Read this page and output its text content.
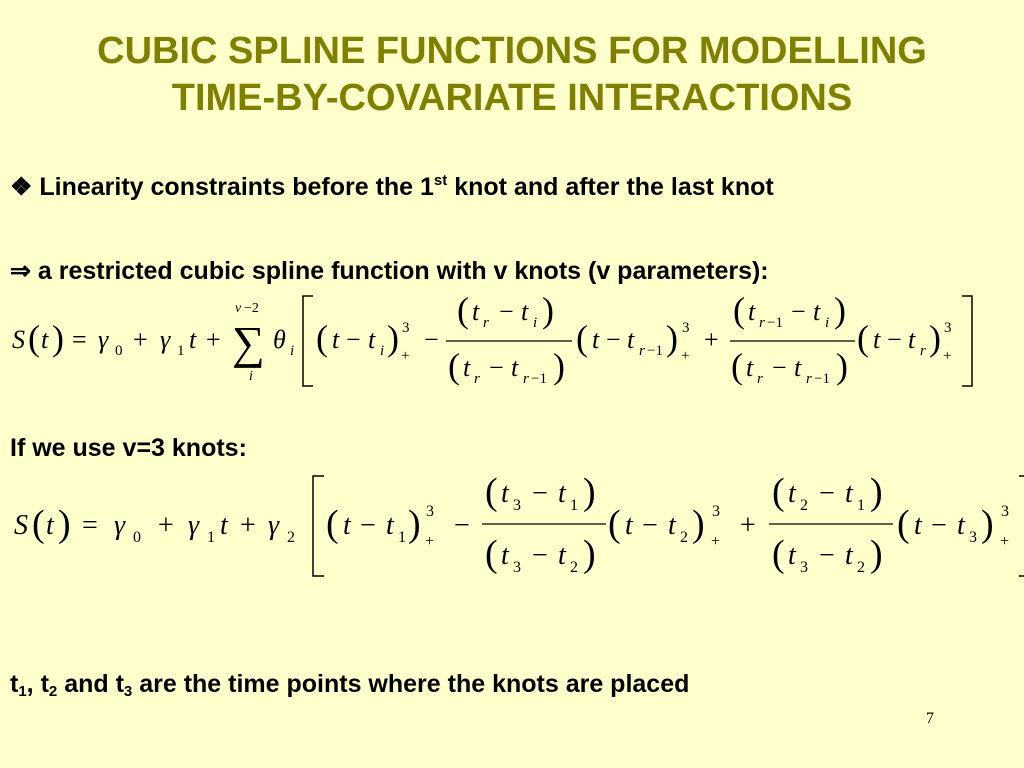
CUBIC SPLINE FUNCTIONS FOR MODELLING
TIME-BY-COVARIATE INTERACTIONS
❖ Linearity constraints before the 1st knot and after the last knot
⇒ a restricted cubic spline function with v knots (v parameters):
S ( t ) = γ 0 + γ 1 t +
v −2
∑
i
θ i ( t − t i ) 3
+
−
( t r − t i )
( t r − t r −1 )
( t − t r −1 ) 3
+
+
( t r −1 − t i )
( t r − t r −1 )
( t − t r ) 3
+
If we use v=3 knots:
S ( t ) = γ 0 + γ 1 t + γ 2 ( t − t 1 ) 3
+
−
( t 3 − t 1 )
( t 3 − t 2 )
( t − t 2 ) 3
+
+
( t 2 − t 1 )
( t 3 − t 2 )
( t − t 3 ) 3
+
$t_1$, $t_2$ and $t_3$ are the time points where the knots are placed
7
